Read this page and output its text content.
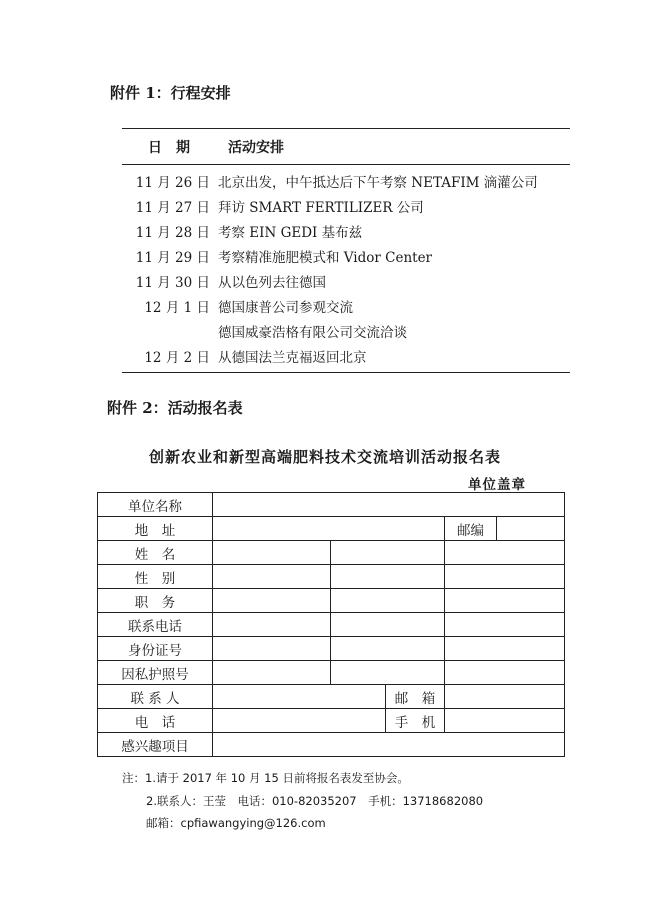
附件 1：行程安排
日　期	活动安排
11 月 26 日 北京出发，中午抵达后下午考察 NETAFIM 滴灌公司
11 月 27 日 拜访 SMART FERTILIZER 公司
11 月 28 日 考察 EIN GEDI 基布兹
11 月 29 日 考察精准施肥模式和 Vidor Center
11 月 30 日 从以色列去往德国
12 月 1 日 德国康普公司参观交流
德国威豪浩格有限公司交流洽谈
12 月 2 日 从德国法兰克福返回北京
附件 2：活动报名表
创新农业和新型高端肥料技术交流培训活动报名表
单位盖章
单位名称					
地　址				邮编	
姓　名					
性　别					
职　务					
联系电话					
身份证号					
因私护照号					
联 系 人			邮　箱		
电　话			手　机		
感兴趣项目					
注：1.请于 2017 年 10 月 15 日前将报名表发至协会。
2.联系人：王莹　电话：010-82035207　手机：13718682080
邮箱：cpfiawangying@126.com
